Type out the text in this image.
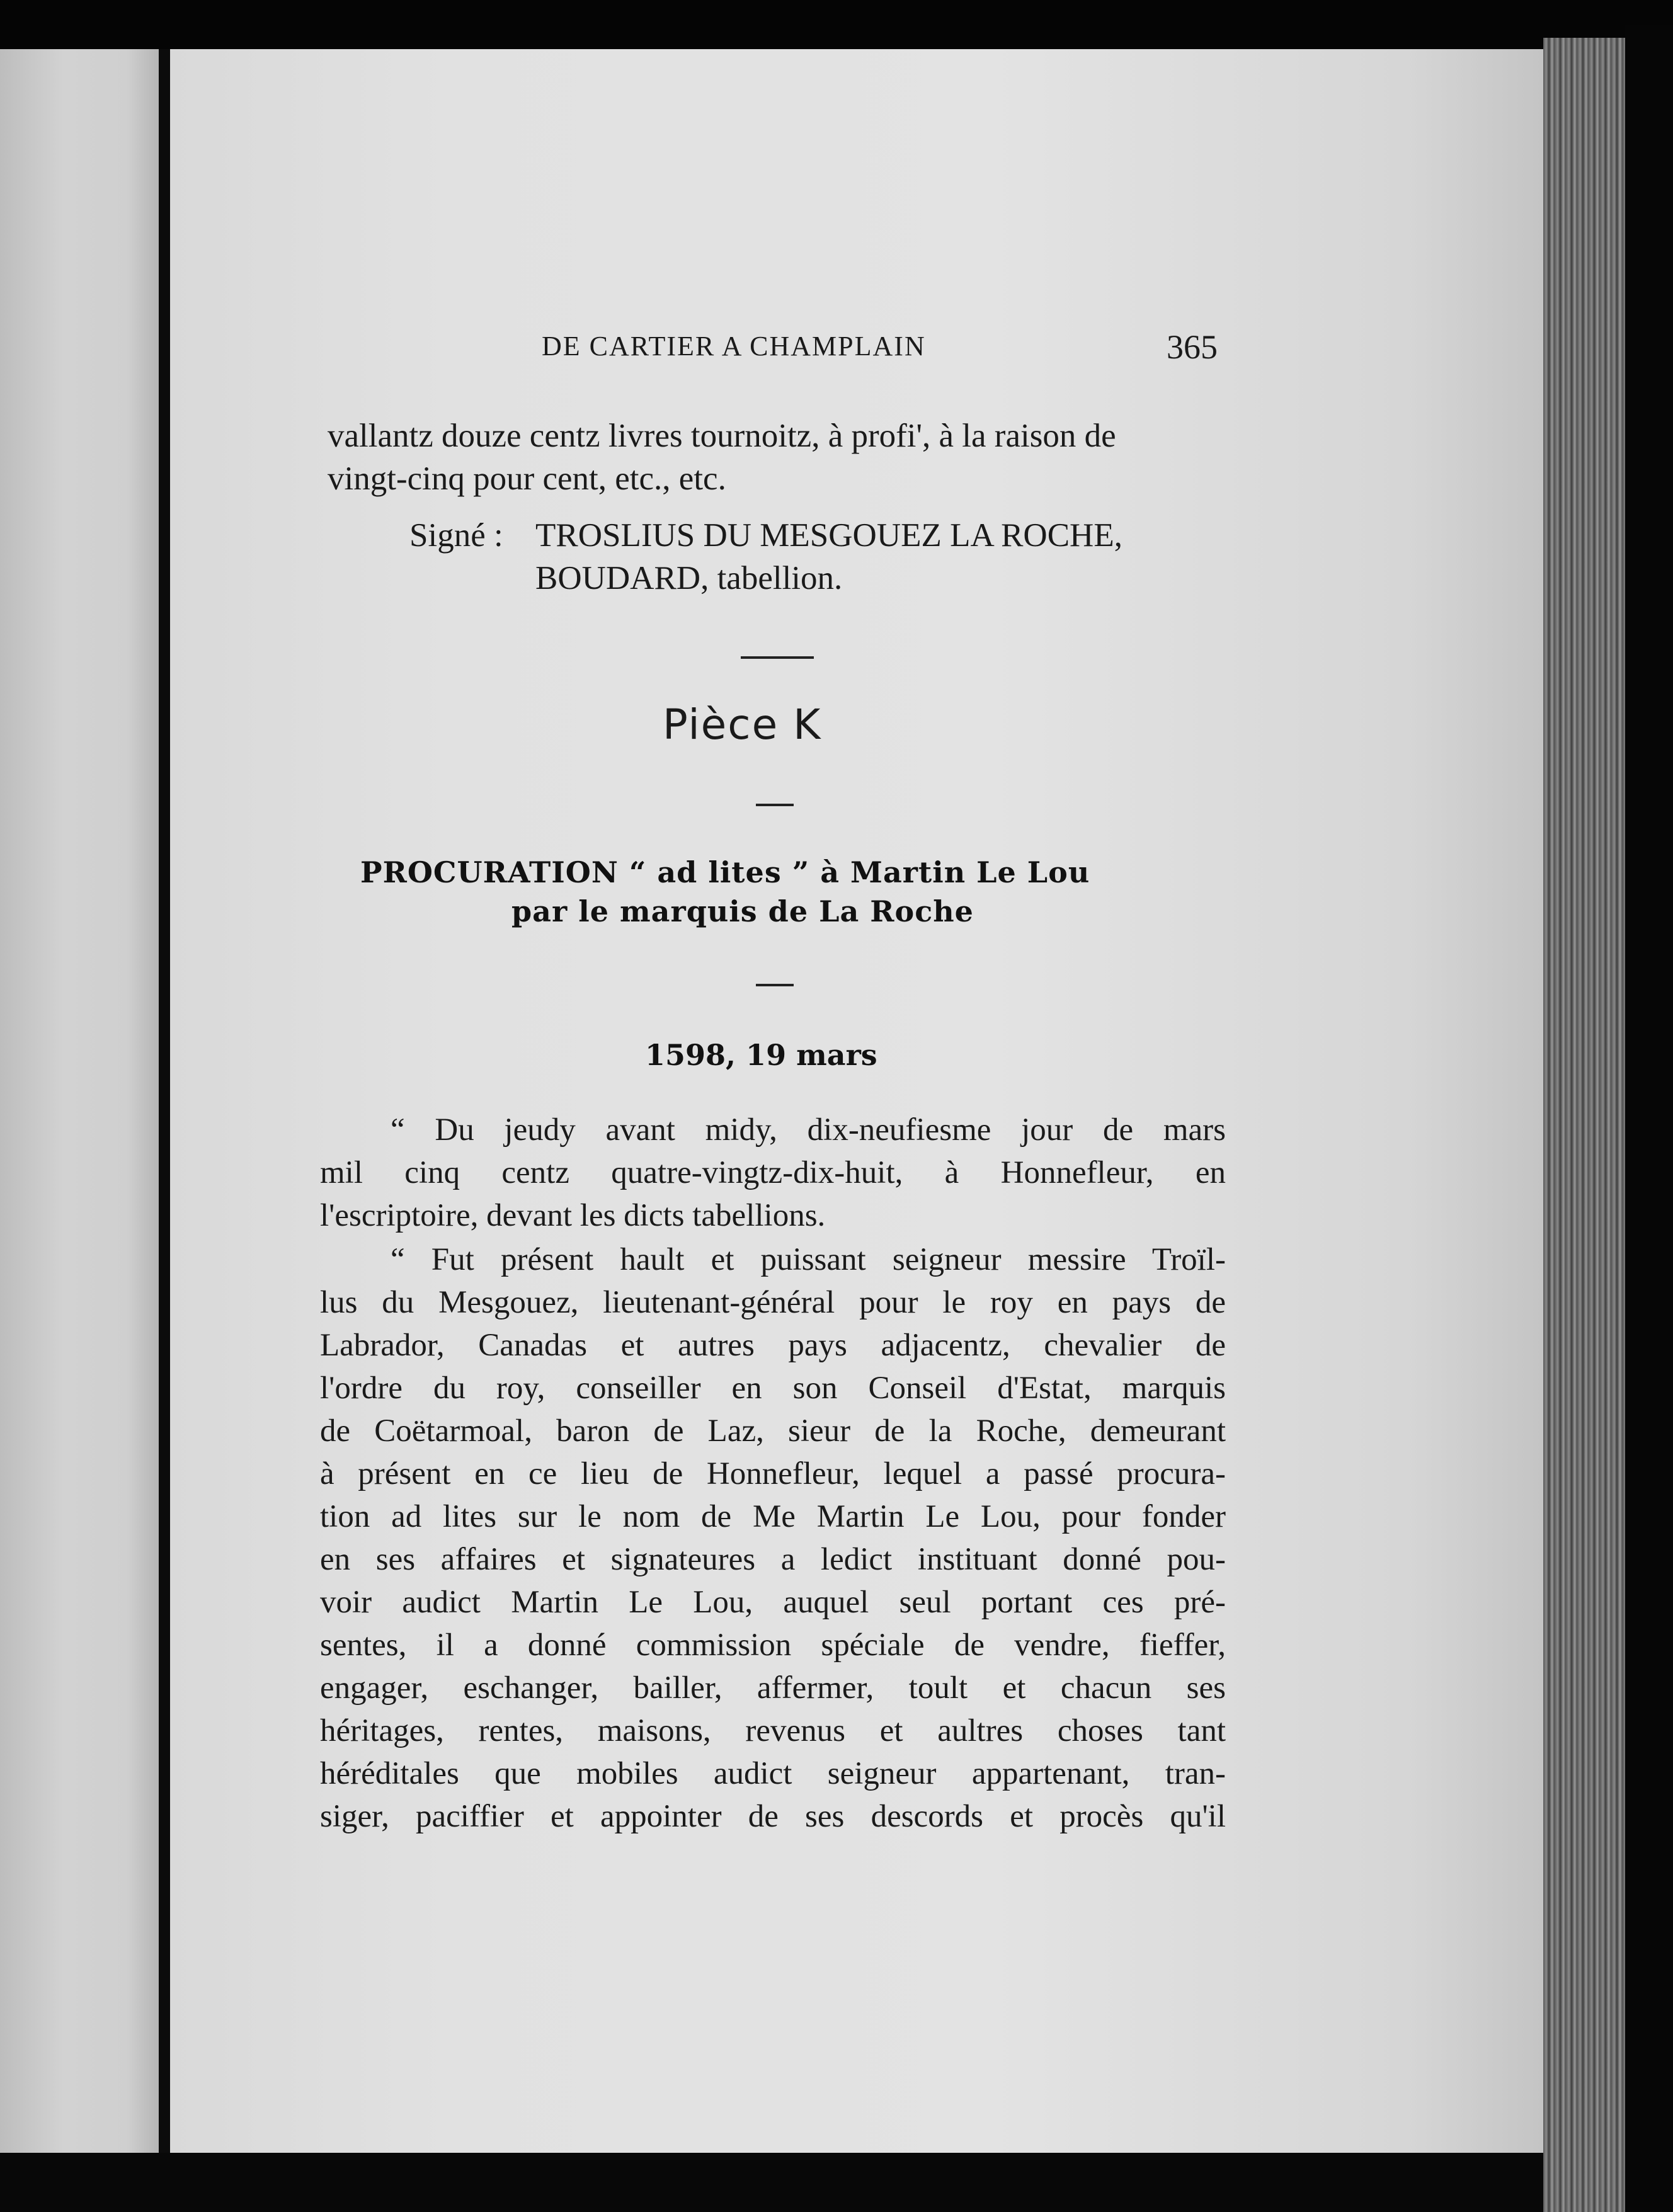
DE CARTIER A CHAMPLAIN	365
vallantz douze centz livres tournoitz, à profi', à la raison de
vingt-cinq pour cent, etc., etc.
Signé : TROSLIUS DU MESGOUEZ LA ROCHE,
BOUDARD, tabellion.
Pièce K
PROCURATION “ ad lites ” à Martin Le Lou
par le marquis de La Roche
1598, 19 mars
“ Du jeudy avant midy, dix-neufiesme jour de mars
mil cinq centz quatre-vingtz-dix-huit, à Honnefleur, en
l'escriptoire, devant les dicts tabellions.
“ Fut présent hault et puissant seigneur messire Troïl-
lus du Mesgouez, lieutenant-général pour le roy en pays de
Labrador, Canadas et autres pays adjacentz, chevalier de
l'ordre du roy, conseiller en son Conseil d'Estat, marquis
de Coëtarmoal, baron de Laz, sieur de la Roche, demeurant
à présent en ce lieu de Honnefleur, lequel a passé procura-
tion ad lites sur le nom de Me Martin Le Lou, pour fonder
en ses affaires et signateures a ledict instituant donné pou-
voir audict Martin Le Lou, auquel seul portant ces pré-
sentes, il a donné commission spéciale de vendre, fieffer,
engager, eschanger, bailler, affermer, toult et chacun ses
héritages, rentes, maisons, revenus et aultres choses tant
héréditales que mobiles audict seigneur appartenant, tran-
siger, paciffier et appointer de ses descords et procès qu'il
